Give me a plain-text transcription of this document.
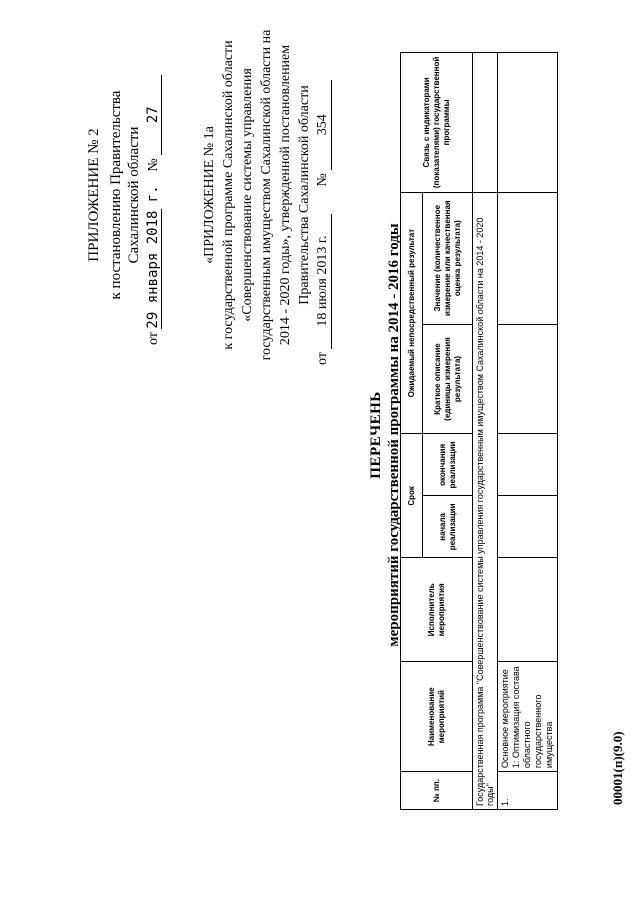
ПРИЛОЖЕНИЕ № 2 к постановлению Правительства Сахалинской области
от 29 января 2018 г.  № 27
«ПРИЛОЖЕНИЕ № 1а к государственной программе Сахалинской области «Совершенствование системы управления государственным имуществом Сахалинской области на 2014 - 2020 годы», утвержденной постановлением Правительства Сахалинской области
от 18 июля 2013 г.  № 354
ПЕРЕЧЕНЬ мероприятий государственной программы на 2014 - 2016 годы
№ пп.	Наименование мероприятий	Исполнитель мероприятия	Срок		Ожидаемый непосредственный результат		Связь с индикаторами (показателями) государственной программы
			начала реализации	окончания реализации	Краткое описание (единицы измерения результата)	Значение (количественное измерение или качественная оценка результата)	
Государственная программа "Совершенствование системы управления государственным имуществом Сахалинской области на 2014 - 2020 годы"							
1.	Основное мероприятие 1: Оптимизация состава областного государственного имущества							00001(п)(9.0)
